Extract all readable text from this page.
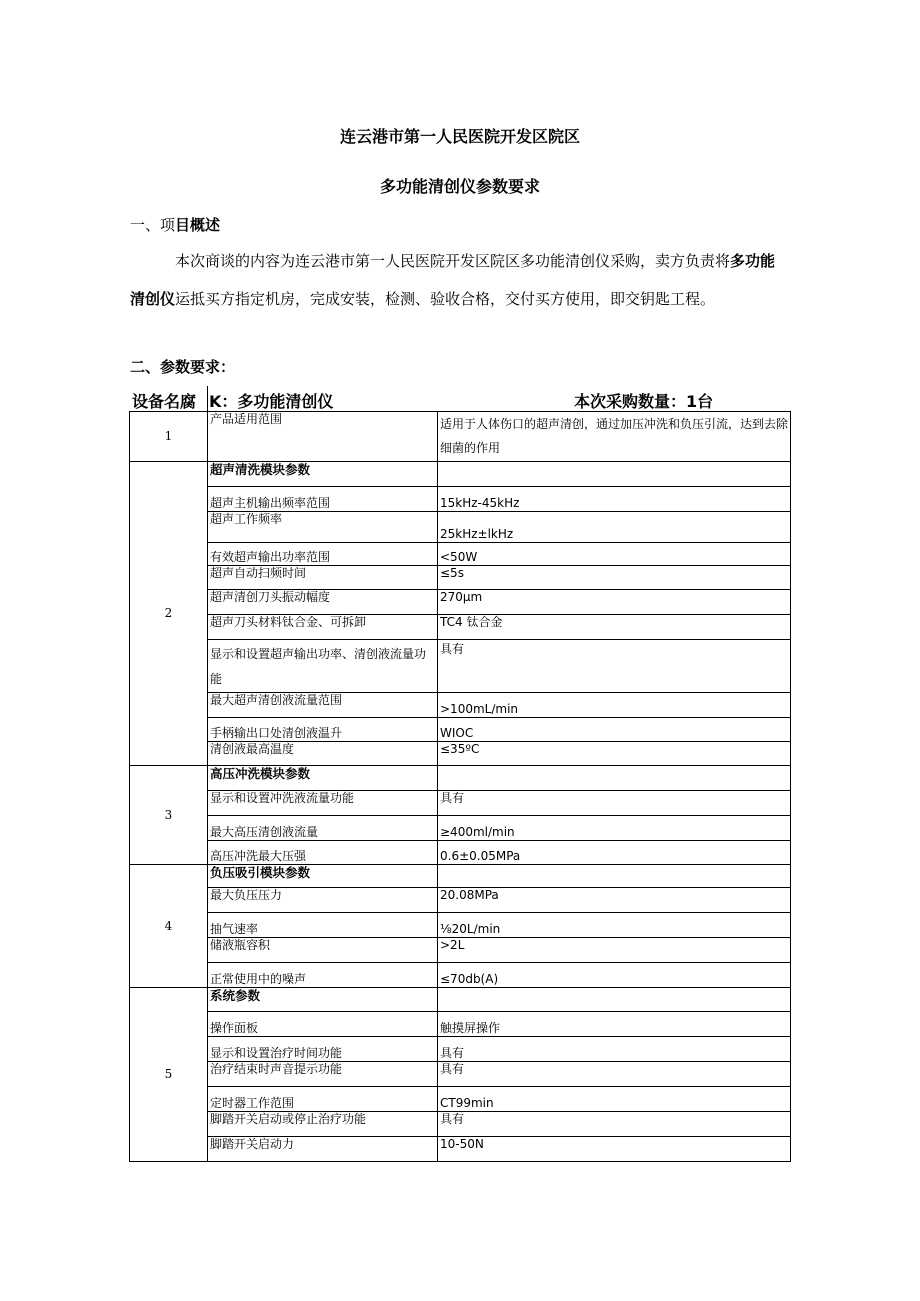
连云港市第一人民医院开发区院区
多功能清创仪参数要求
一、项目概述
本次商谈的内容为连云港市第一人民医院开发区院区多功能清创仪采购，卖方负责将多功能清创仪运抵买方指定机房，完成安装，检测、验收合格，交付买方使用，即交钥匙工程。
二、参数要求：
设备名腐 K：多功能清创仪	本次采购数量：1台
1	产品适用范围	适用于人体伤口的超声清创，通过加压冲洗和负压引流，达到去除细菌的作用
2	超声清洗模块参数	
	超声主机输出频率范围	15kHz-45kHz
	超声工作频率	25kHz±lkHz
	有效超声输出功率范围	<50W
	超声自动扫频时间	≤5s
	超声清创刀头振动幅度	270μm
	超声刀头材料钛合金、可拆卸	TC4 钛合金
	显示和设置超声输出功率、清创液流量功能	具有
	最大超声清创液流量范围	>100mL∕min
	手柄输出口处清创液温升	WIOC
	清创液最高温度	≤35ºC
3	高压冲洗模块参数	
	显示和设置冲洗液流量功能	具有
	最大高压清创液流量	≥400ml∕min
	高压冲洗最大压强	0.6±0.05MPa
4	负压吸引模块参数	
	最大负压压力	20.08MPa
	抽气速率	⅛20L∕min
	储液瓶容积	>2L
	正常使用中的噪声	≤70db(A)
5	系统参数	
	操作面板	触摸屏操作
	显示和设置治疗时间功能	具有
	治疗结束时声音提示功能	具有
	定时器工作范围	CT99min
	脚踏开关启动或停止治疗功能	具有
	脚踏开关启动力	10-50N
